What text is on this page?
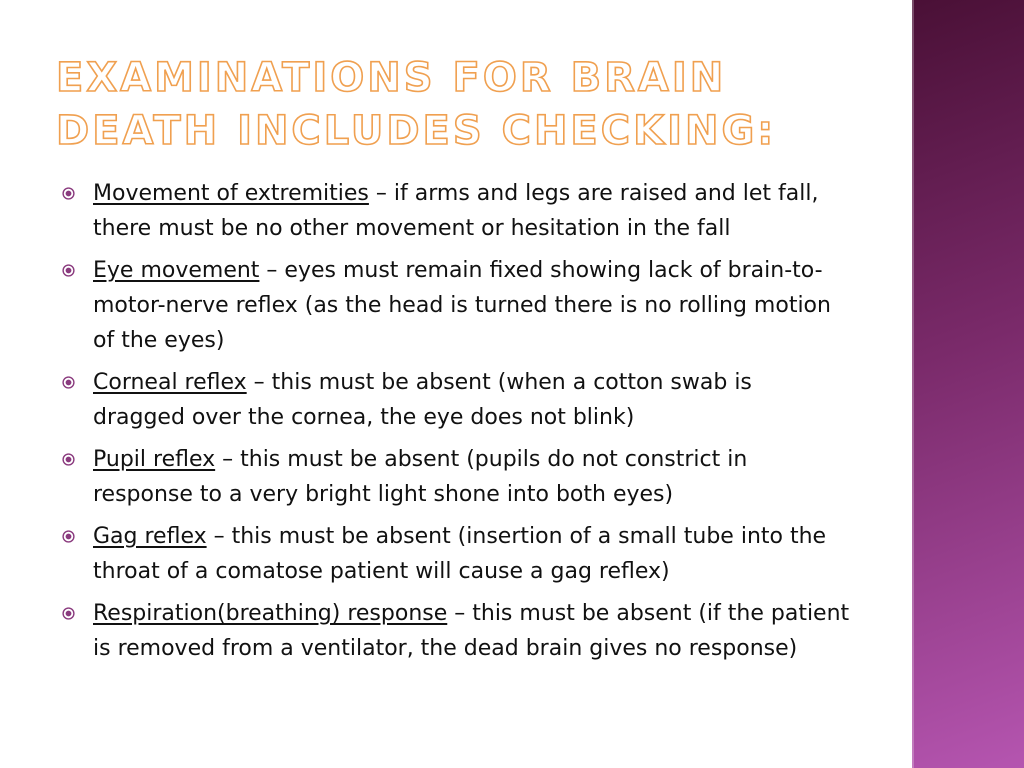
EXAMINATIONS FOR BRAIN DEATH INCLUDES CHECKING:
Movement of extremities – if arms and legs are raised and let fall, there must be no other movement or hesitation in the fall
Eye movement – eyes must remain fixed showing lack of brain-to-motor-nerve reflex (as the head is turned there is no rolling motion of the eyes)
Corneal reflex – this must be absent (when a cotton swab is dragged over the cornea, the eye does not blink)
Pupil reflex – this must be absent (pupils do not constrict in response to a very bright light shone into both eyes)
Gag reflex – this must be absent (insertion of a small tube into the throat of a comatose patient will cause a gag reflex)
Respiration(breathing) response – this must be absent (if the patient is removed from a ventilator, the dead brain gives no response)
